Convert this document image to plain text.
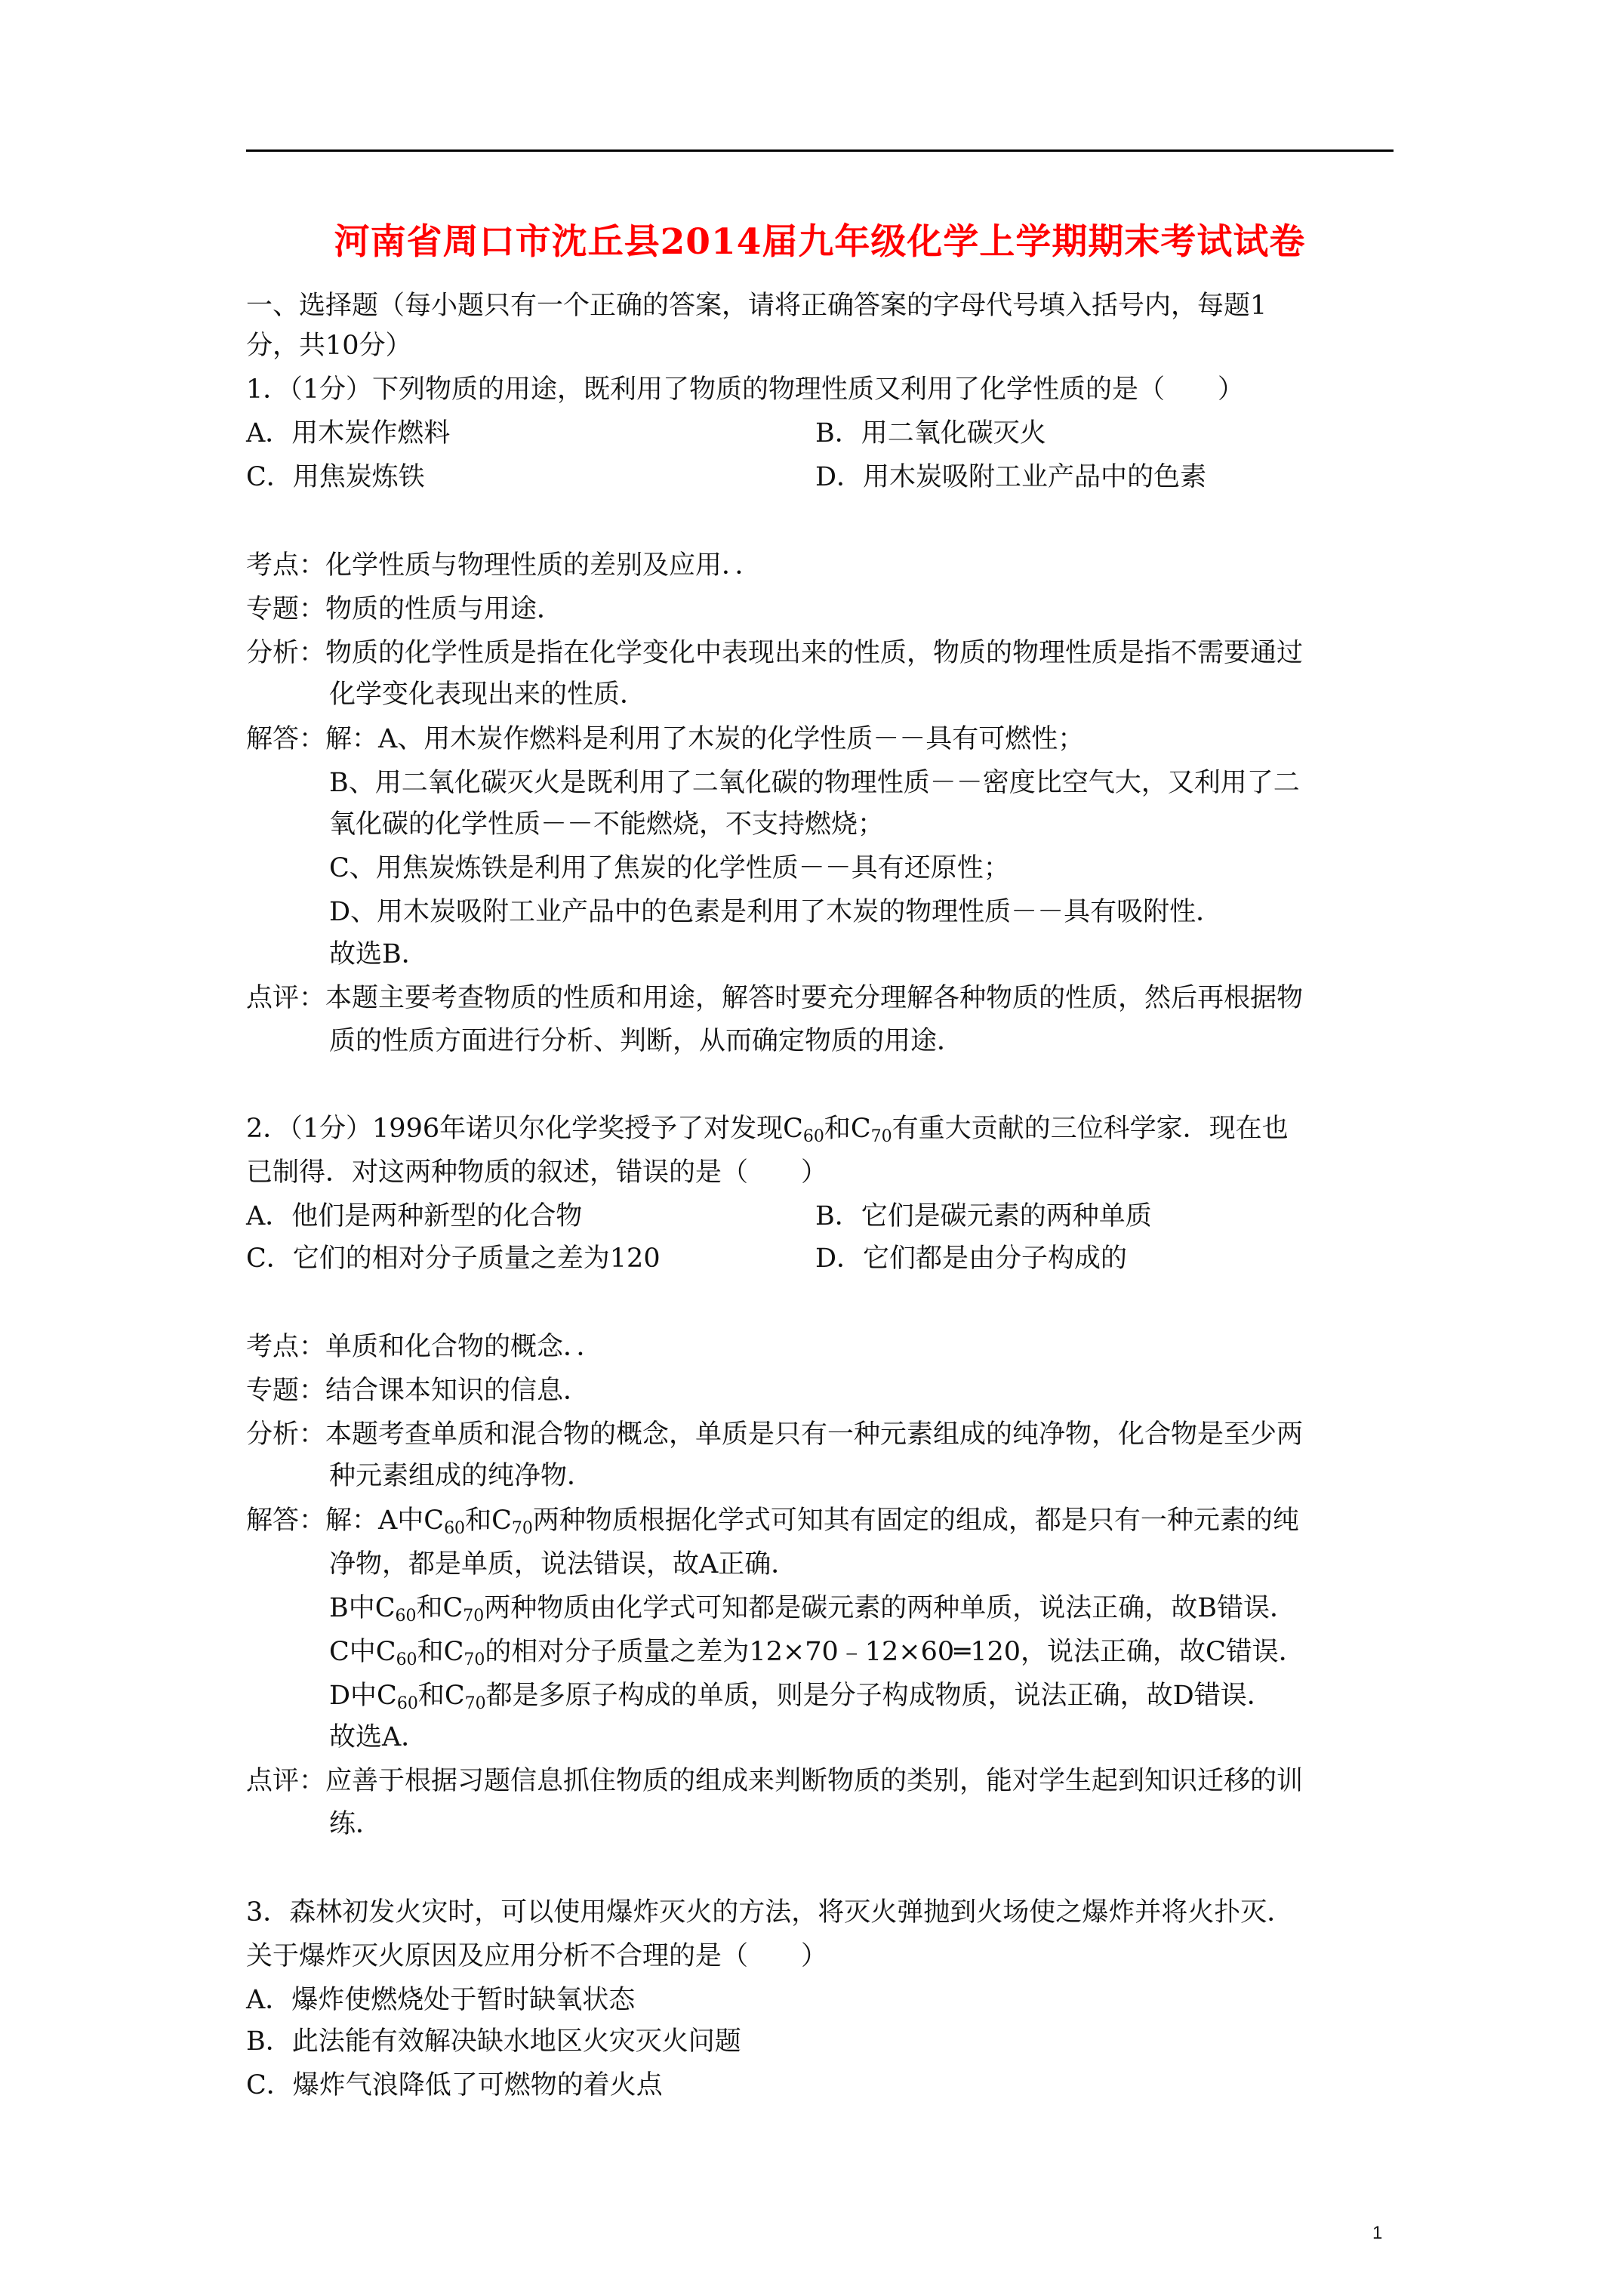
河南省周口市沈丘县2014届九年级化学上学期期末考试试卷
一、选择题（每小题只有一个正确的答案，请将正确答案的字母代号填入括号内，每题1
分，共10分）
1．（1分）下列物质的用途，既利用了物质的物理性质又利用了化学性质的是（　　）
A．用木炭作燃料	B．用二氧化碳灭火
C．用焦炭炼铁	D．用木炭吸附工业产品中的色素
考点：化学性质与物理性质的差别及应用．．
专题：物质的性质与用途．
分析：物质的化学性质是指在化学变化中表现出来的性质，物质的物理性质是指不需要通过
化学变化表现出来的性质．
解答：解：A、用木炭作燃料是利用了木炭的化学性质－－具有可燃性；
B、用二氧化碳灭火是既利用了二氧化碳的物理性质－－密度比空气大，又利用了二
氧化碳的化学性质－－不能燃烧，不支持燃烧；
C、用焦炭炼铁是利用了焦炭的化学性质－－具有还原性；
D、用木炭吸附工业产品中的色素是利用了木炭的物理性质－－具有吸附性．
故选B．
点评：本题主要考查物质的性质和用途，解答时要充分理解各种物质的性质，然后再根据物
质的性质方面进行分析、判断，从而确定物质的用途．
2．（1分）1996年诺贝尔化学奖授予了对发现$C_{60}$和$C_{70}$有重大贡献的三位科学家．现在也
已制得．对这两种物质的叙述，错误的是（　　）
A．他们是两种新型的化合物	B．它们是碳元素的两种单质
C．它们的相对分子质量之差为120	D．它们都是由分子构成的
考点：单质和化合物的概念．．
专题：结合课本知识的信息．
分析：本题考查单质和混合物的概念，单质是只有一种元素组成的纯净物，化合物是至少两
种元素组成的纯净物．
解答：解：A中$C_{60}$和$C_{70}$两种物质根据化学式可知其有固定的组成，都是只有一种元素的纯
净物，都是单质，说法错误，故A正确．
B中$C_{60}$和$C_{70}$两种物质由化学式可知都是碳元素的两种单质，说法正确，故B错误．
C中$C_{60}$和$C_{70}$的相对分子质量之差为12×70﹣12×60═120，说法正确，故C错误．
D中$C_{60}$和$C_{70}$都是多原子构成的单质，则是分子构成物质，说法正确，故D错误．
故选A．
点评：应善于根据习题信息抓住物质的组成来判断物质的类别，能对学生起到知识迁移的训
练．
3．森林初发火灾时，可以使用爆炸灭火的方法，将灭火弹抛到火场使之爆炸并将火扑灭．
关于爆炸灭火原因及应用分析不合理的是（　　）
A．爆炸使燃烧处于暂时缺氧状态
B．此法能有效解决缺水地区火灾灭火问题
C．爆炸气浪降低了可燃物的着火点
1
